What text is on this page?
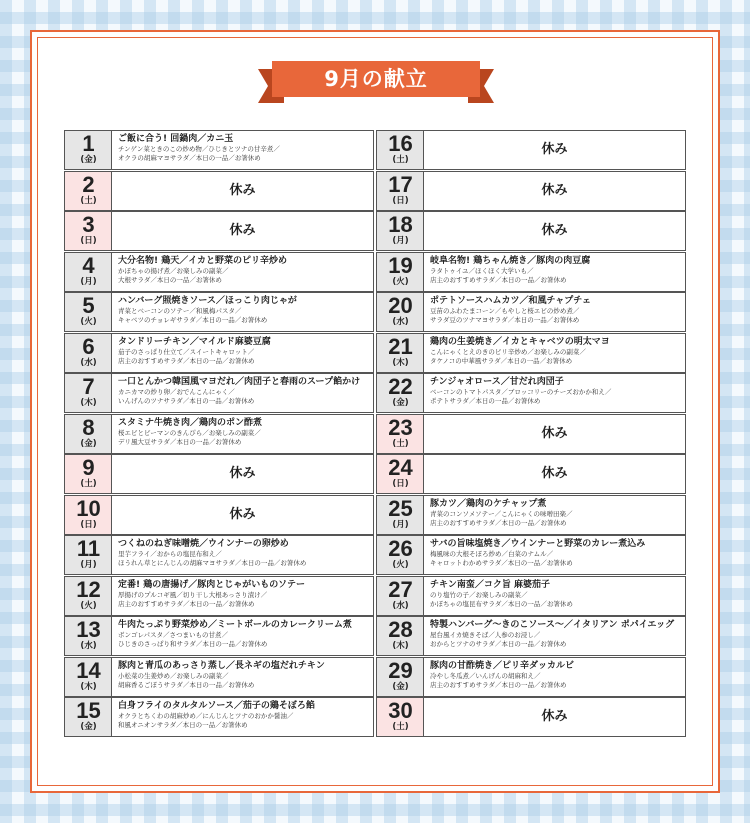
9月の献立
1
(金)
ご飯に合う! 回鍋肉／カニ玉
チンゲン菜ときのこの炒め物／ひじきとツナの甘辛煮／
オクラの胡麻マヨサラダ／本日の一品／お箸休め
2
(土)
休み
3
(日)
休み
4
(月)
大分名物! 鶏天／イカと野菜のピリ辛炒め
かぼちゃの揚げ煮／お楽しみの副菜／
大根サラダ／本日の一品／お箸休め
5
(火)
ハンバーグ照焼きソース／ほっこり肉じゃが
青菜とベーコンのソテー／和風梅パスタ／
キャベツのチョレギサラダ／本日の一品／お箸休め
6
(水)
タンドリーチキン／マイルド麻婆豆腐
茄子のさっぱり仕立て／スイートキャロット／
店主のおすすめサラダ／本日の一品／お箸休め
7
(木)
一口とんかつ韓国風マヨだれ／肉団子と春雨のスープ餡かけ
カニカマの炒り卵／おでんこんにゃく／
いんげんのツナサラダ／本日の一品／お箸休め
8
(金)
スタミナ牛焼き肉／鶏肉のポン酢煮
桜エビとピーマンのきんぴら／お楽しみの副菜／
デリ風大豆サラダ／本日の一品／お箸休め
9
(土)
休み
10
(日)
休み
11
(月)
つくねのねぎ味噌焼／ウインナーの卵炒め
里芋フライ／おからの塩昆布和え／
ほうれん草とにんじんの胡麻マヨサラダ／本日の一品／お箸休め
12
(火)
定番! 鶏の唐揚げ／豚肉とじゃがいものソテー
厚揚げのプルコギ風／切り干し大根あっさり漬け／
店主のおすすめサラダ／本日の一品／お箸休め
13
(水)
牛肉たっぷり野菜炒め／ミートボールのカレークリーム煮
ボンゴレパスタ／さつまいもの甘煮／
ひじきのさっぱり和サラダ／本日の一品／お箸休め
14
(木)
豚肉と青瓜のあっさり蒸し／長ネギの塩だれチキン
小松菜の生姜炒め／お楽しみの副菜／
胡麻香るごぼうサラダ／本日の一品／お箸休め
15
(金)
白身フライのタルタルソース／茄子の鶏そぼろ餡
オクラとちくわの胡麻炒め／にんじんとツナのおかか醤油／
和風オニオンサラダ／本日の一品／お箸休め
16
(土)
休み
17
(日)
休み
18
(月)
休み
19
(火)
岐阜名物! 鶏ちゃん焼き／豚肉の肉豆腐
ラタトゥイユ／ほくほく大学いも／
店主のおすすめサラダ／本日の一品／お箸休め
20
(水)
ポテトソースハムカツ／和風チャプチェ
豆苗のふわたまコーン／もやしと桜エビの炒め煮／
サラダ豆のツナマヨサラダ／本日の一品／お箸休め
21
(木)
鶏肉の生姜焼き／イカとキャベツの明太マヨ
こんにゃくとえのきのピリ辛炒め／お楽しみの副菜／
タケノコの中華風サラダ／本日の一品／お箸休め
22
(金)
チンジャオロース／甘だれ肉団子
ベーコンのトマトパスタ／ブロッコリーのチーズおかか和え／
ポテトサラダ／本日の一品／お箸休め
23
(土)
休み
24
(日)
休み
25
(月)
豚カツ／鶏肉のケチャップ煮
青菜のコンソメソテー／こんにゃくの味噌田楽／
店主のおすすめサラダ／本日の一品／お箸休め
26
(火)
サバの旨味塩焼き／ウインナーと野菜のカレー煮込み
梅風味の大根そぼろ炒め／白菜のナムル／
キャロットわかめサラダ／本日の一品／お箸休め
27
(水)
チキン南蛮／コク旨 麻婆茄子
のり塩竹の子／お楽しみの副菜／
かぼちゃの塩昆布サラダ／本日の一品／お箸休め
28
(木)
特製ハンバーグ～きのこソース～／イタリアン ポパイエッグ
屋台風イカ焼きそば／人参のお浸し／
おからとツナのサラダ／本日の一品／お箸休め
29
(金)
豚肉の甘酢焼き／ピリ辛ダッカルビ
冷やし冬瓜煮／いんげんの胡麻和え／
店主のおすすめサラダ／本日の一品／お箸休め
30
(土)
休み
